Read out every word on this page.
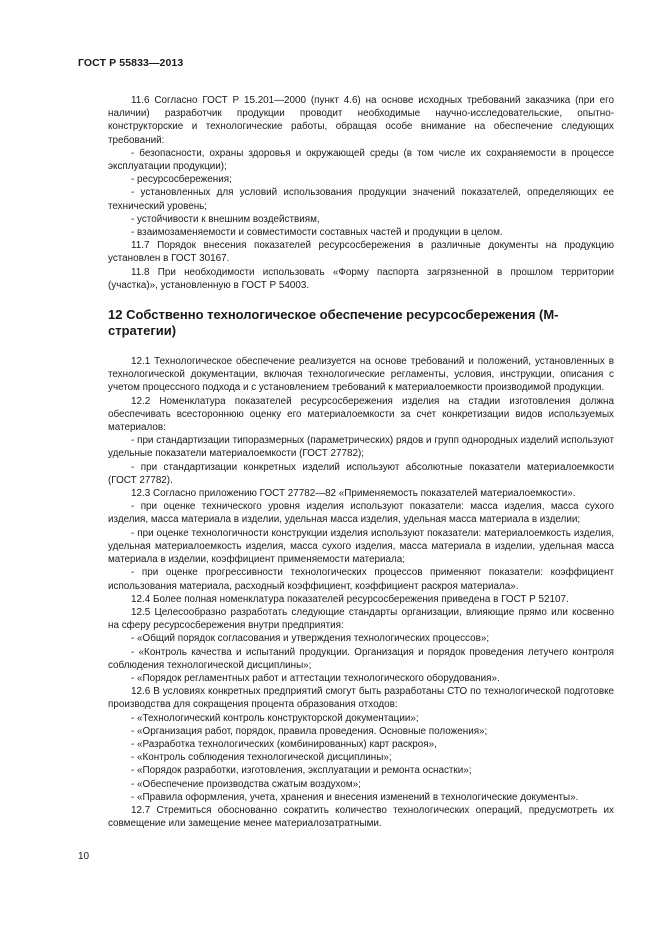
ГОСТ Р 55833—2013

11.6 Согласно ГОСТ Р 15.201—2000 (пункт 4.6) на основе исходных требований заказчика (при его наличии) разработчик продукции проводит необходимые научно-исследовательские, опытно-конструкторские и технологические работы, обращая особе внимание на обеспечение следующих требований:

- безопасности, охраны здоровья и окружающей среды (в том числе их сохраняемости в процессе эксплуатации продукции);

- ресурсосбережения;

- установленных для условий использования продукции значений показателей, определяющих ее технический уровень;

- устойчивости к внешним воздействиям,

- взаимозаменяемости и совместимости составных частей и продукции в целом.

11.7 Порядок внесения показателей ресурсосбережения в различные документы на продукцию установлен в ГОСТ 30167.

11.8 При необходимости использовать «Форму паспорта загрязненной в прошлом территории (участка)», установленную в ГОСТ Р 54003.

12 Собственно технологическое обеспечение ресурсосбережения (М-стратегии)

12.1 Технологическое обеспечение реализуется на основе требований и положений, установленных в технологической документации, включая технологические регламенты, условия, инструкции, описания с учетом процессного подхода и с установлением требований к материалоемкости производимой продукции.

12.2 Номенклатура показателей ресурсосбережения изделия на стадии изготовления должна обеспечивать всестороннюю оценку его материалоемкости за счет конкретизации видов используемых материалов:

- при стандартизации типоразмерных (параметрических) рядов и групп однородных изделий используют удельные показатели материалоемкости (ГОСТ 27782);

- при стандартизации конкретных изделий используют абсолютные показатели материалоемкости (ГОСТ 27782).

12.3 Согласно приложению ГОСТ 27782—82 «Применяемость показателей материалоемкости».

- при оценке технического уровня изделия используют показатели: масса изделия, масса сухого изделия, масса материала в изделии, удельная масса изделия, удельная масса материала в изделии;

- при оценке технологичности конструкции изделия используют показатели: материалоемкость изделия, удельная материалоемкость изделия, масса сухого изделия, масса материала в изделии, удельная масса материала в изделии, коэффициент применяемости материала;

- при оценке прогрессивности технологических процессов применяют показатели: коэффициент использования материала, расходный коэффициент, коэффициент раскроя материала».

12.4 Более полная номенклатура показателей ресурсосбережения приведена в ГОСТ Р 52107.

12.5 Целесообразно разработать следующие стандарты организации, влияющие прямо или косвенно на сферу ресурсосбережения внутри предприятия:

- «Общий порядок согласования и утверждения технологических процессов»;

- «Контроль качества и испытаний продукции. Организация и порядок проведения летучего контроля соблюдения технологической дисциплины»;

- «Порядок регламентных работ и аттестации технологического оборудования».

12.6 В условиях конкретных предприятий смогут быть разработаны СТО по технологической подготовке производства для сокращения процента образования отходов:

- «Технологический контроль конструкторской документации»;

- «Организация работ, порядок, правила проведения. Основные положения»;

- «Разработка технологических (комбинированных) карт раскроя»,

- «Контроль соблюдения технологической дисциплины»;

- «Порядок разработки, изготовления, эксплуатации и ремонта оснастки»;

- «Обеспечение производства сжатым воздухом»;

- «Правила оформления, учета, хранения и внесения изменений в технологические документы».

12.7 Стремиться обоснованно сократить количество технологических операций, предусмотреть их совмещение или замещение менее материалозатратными.

10
